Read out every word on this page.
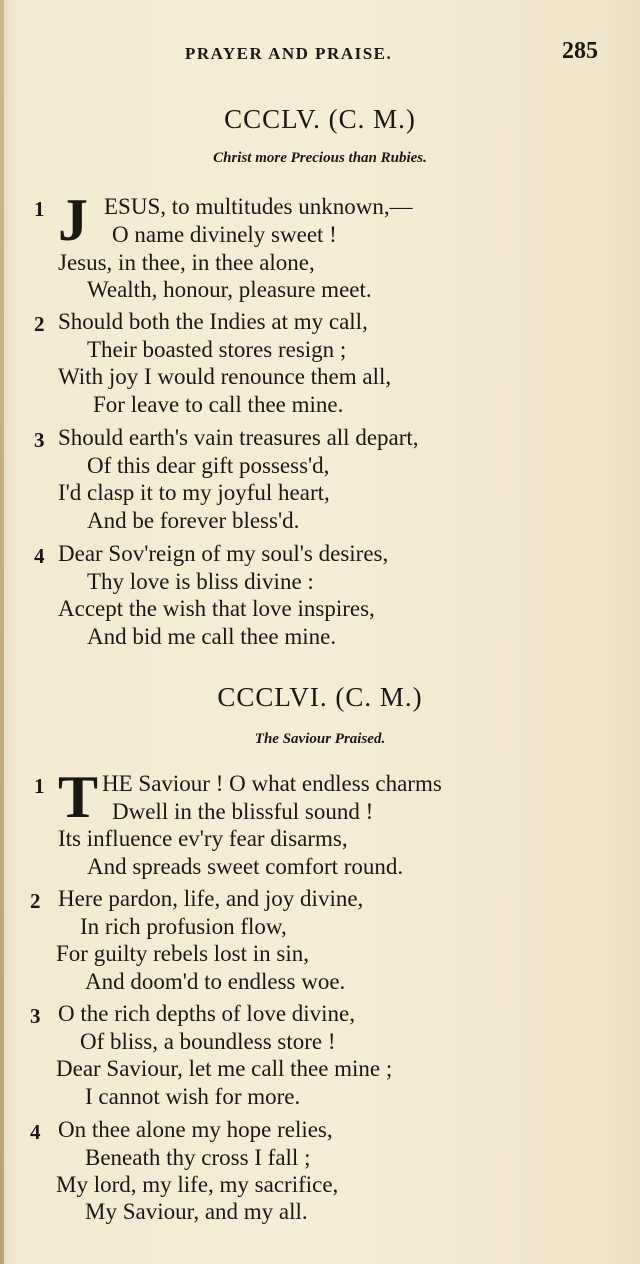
PRAYER AND PRAISE.	285
CCCLV. (C. M.)
Christ more Precious than Rubies.
1 J ESUS, to multitudes unknown,—
O name divinely sweet !
Jesus, in thee, in thee alone,
Wealth, honour, pleasure meet.
2 Should both the Indies at my call,
Their boasted stores resign ;
With joy I would renounce them all,
For leave to call thee mine.
3 Should earth's vain treasures all depart,
Of this dear gift possess'd,
I'd clasp it to my joyful heart,
And be forever bless'd.
4 Dear Sov'reign of my soul's desires,
Thy love is bliss divine :
Accept the wish that love inspires,
And bid me call thee mine.
CCCLVI. (C. M.)
The Saviour Praised.
1 T HE Saviour ! O what endless charms
Dwell in the blissful sound !
Its influence ev'ry fear disarms,
And spreads sweet comfort round.
2 Here pardon, life, and joy divine,
In rich profusion flow,
For guilty rebels lost in sin,
And doom'd to endless woe.
3 O the rich depths of love divine,
Of bliss, a boundless store !
Dear Saviour, let me call thee mine ;
I cannot wish for more.
4 On thee alone my hope relies,
Beneath thy cross I fall ;
My lord, my life, my sacrifice,
My Saviour, and my all.
